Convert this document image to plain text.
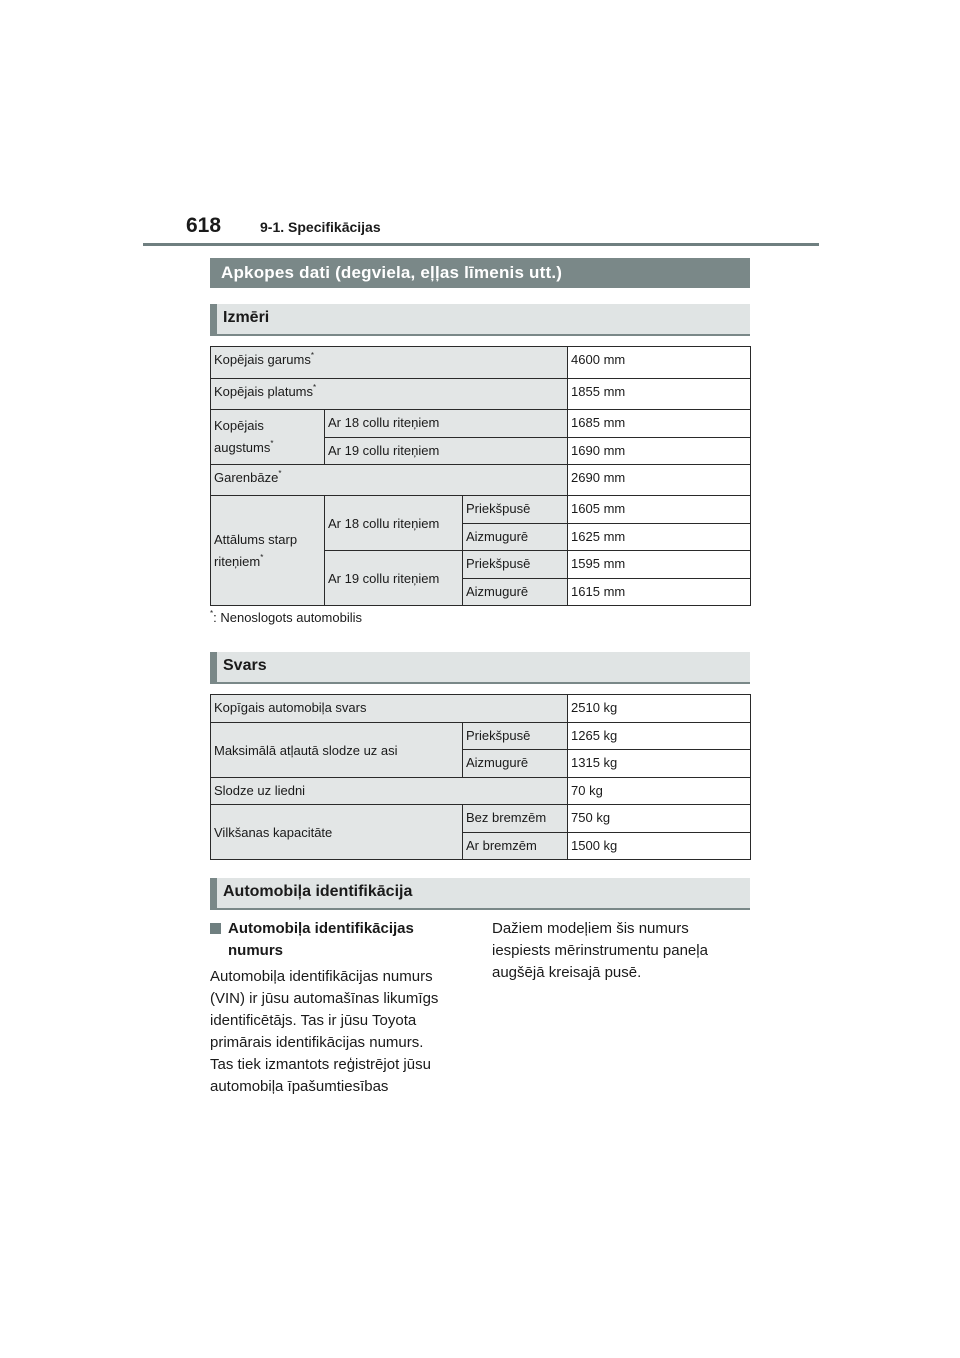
618	9-1. Specifikācijas
Apkopes dati (degviela, eļļas līmenis utt.)
Izmēri
Kopējais garums*			4600 mm
Kopējais platums*			1855 mm
Kopējais
augstums*	Ar 18 collu riteņiem		1685 mm
	Ar 19 collu riteņiem		1690 mm
Garenbāze*			2690 mm
Attālums starp
riteņiem*	Ar 18 collu riteņiem	Priekšpusē	1605 mm
		Aizmugurē	1625 mm
	Ar 19 collu riteņiem	Priekšpusē	1595 mm
		Aizmugurē	1615 mm
*: Nenoslogots automobilis
Svars
Kopīgais automobiļa svars		2510 kg
Maksimālā atļautā slodze uz asi	Priekšpusē	1265 kg
	Aizmugurē	1315 kg
Slodze uz liedni		70 kg
Vilkšanas kapacitāte	Bez bremzēm	750 kg
	Ar bremzēm	1500 kg
Automobiļa identifikācija
Automobiļa identifikācijas
numurs
Automobiļa identifikācijas numurs
(VIN) ir jūsu automašīnas likumīgs
identificētājs. Tas ir jūsu Toyota
primārais identifikācijas numurs.
Tas tiek izmantots reģistrējot jūsu
automobiļa īpašumtiesības
Dažiem modeļiem šis numurs
iespiests mērinstrumentu paneļa
augšējā kreisajā pusē.
